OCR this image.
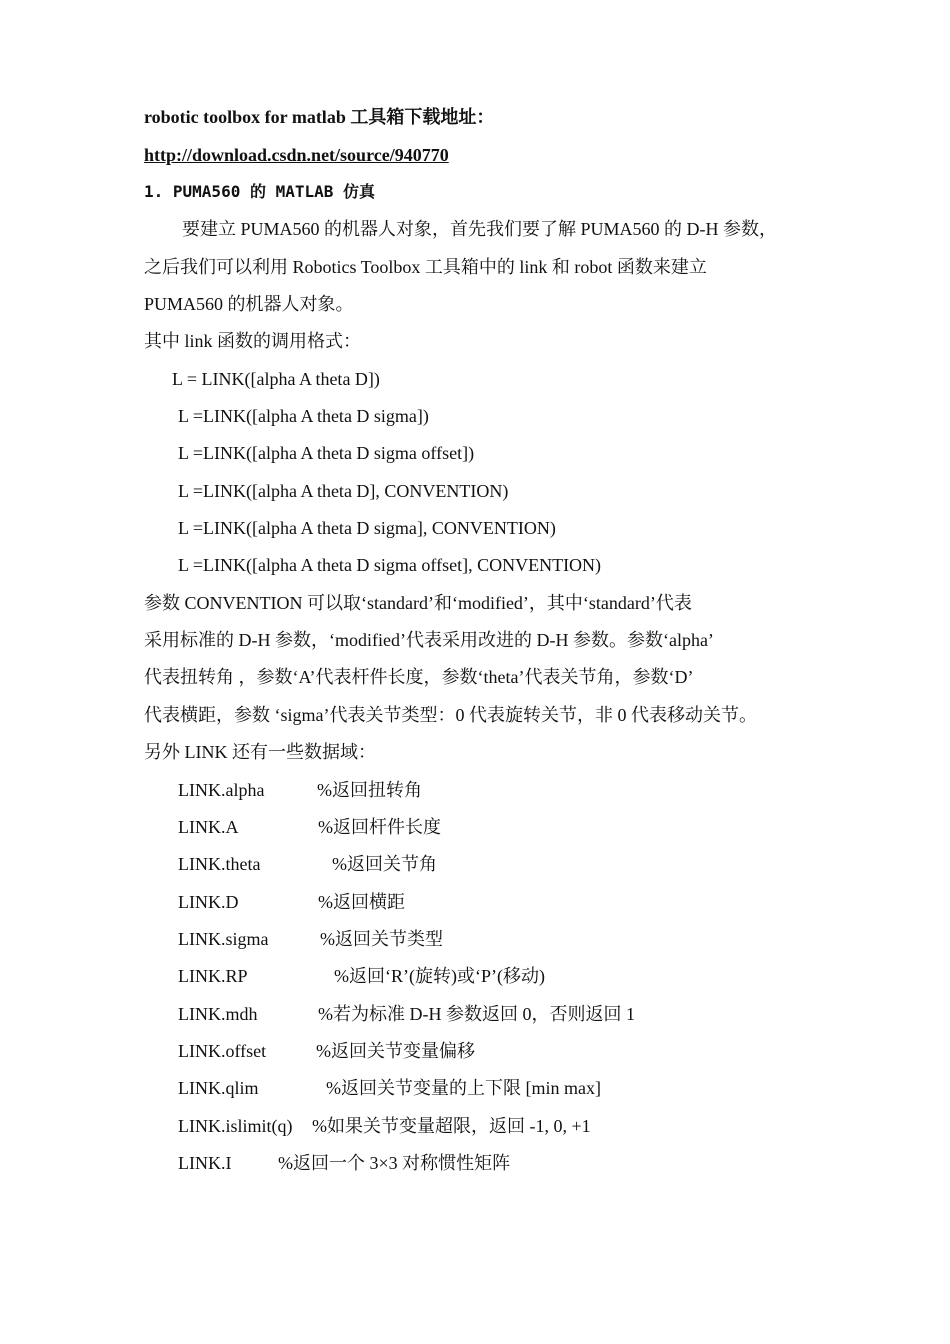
robotic toolbox for matlab 工具箱下载地址：
http://download.csdn.net/source/940770
1. PUMA560 的 MATLAB 仿真
要建立 PUMA560 的机器人对象，首先我们要了解 PUMA560 的 D-H 参数，
之后我们可以利用 Robotics Toolbox 工具箱中的 link 和 robot 函数来建立
PUMA560 的机器人对象。
其中 link 函数的调用格式：
L = LINK([alpha A theta D])
L =LINK([alpha A theta D sigma])
L =LINK([alpha A theta D sigma offset])
L =LINK([alpha A theta D], CONVENTION)
L =LINK([alpha A theta D sigma], CONVENTION)
L =LINK([alpha A theta D sigma offset], CONVENTION)
参数 CONVENTION 可以取‘standard’和‘modified’，其中‘standard’代表
采用标准的 D-H 参数，‘modified’代表采用改进的 D-H 参数。参数‘alpha’
代表扭转角 ，参数‘A’代表杆件长度，参数‘theta’代表关节角，参数‘D’
代表横距，参数 ‘sigma’代表关节类型：0 代表旋转关节，非 0 代表移动关节。
另外 LINK 还有一些数据域：
LINK.alpha	%返回扭转角
LINK.A	%返回杆件长度
LINK.theta	%返回关节角
LINK.D	%返回横距
LINK.sigma	%返回关节类型
LINK.RP	%返回‘R’(旋转)或‘P’(移动)
LINK.mdh	%若为标准 D-H 参数返回 0，否则返回 1
LINK.offset	%返回关节变量偏移
LINK.qlim	%返回关节变量的上下限 [min max]
LINK.islimit(q) %如果关节变量超限，返回 -1, 0, +1
LINK.I	%返回一个 3×3 对称惯性矩阵
